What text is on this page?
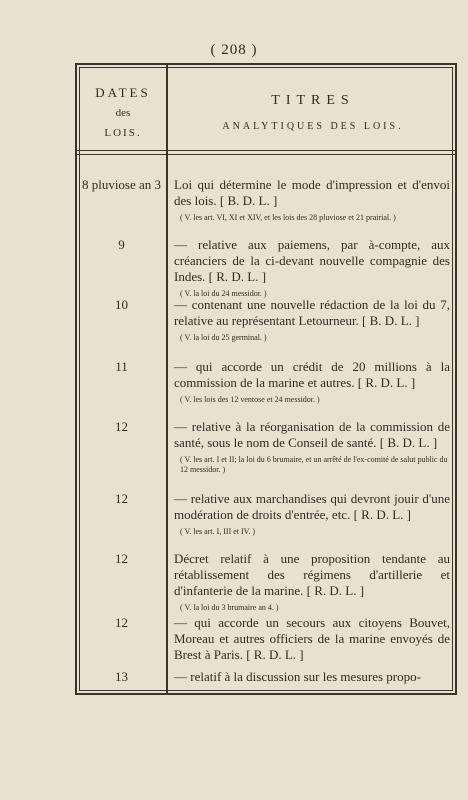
( 208 )
DATES
des
LOIS.
TITRES
ANALYTIQUES DES LOIS.
8 pluviose an 3 Loi qui détermine le mode d'impression et d'envoi des lois. [ B. D. L. ]
( V. les art. VI, XI et XIV, et les lois des 28 pluviose et 21 prairial. )
9	— relative aux paiemens, par à-compte, aux créanciers de la ci-devant nouvelle compagnie des Indes. [ R. D. L. ]
( V. la loi du 24 messidor. )
10	— contenant une nouvelle rédaction de la loi du 7, relative au représentant Letourneur. [ B. D. L. ]
( V. la loi du 25 germinal. )
11	— qui accorde un crédit de 20 millions à la commission de la marine et autres. [ R. D. L. ]
( V. les lois des 12 ventose et 24 messidor. )
12	— relative à la réorganisation de la commission de santé, sous le nom de Conseil de santé. [ B. D. L. ]
( V. les art. I et II; la loi du 6 brumaire, et un arrêté de l'ex-comité de salut public du 12 messidor. )
12	— relative aux marchandises qui devront jouir d'une modération de droits d'entrée, etc. [ R. D. L. ]
( V. les art. I, III et IV. )
12	Décret relatif à une proposition tendante au rétablissement des régimens d'artillerie et d'infanterie de la marine. [ R. D. L. ]
( V. la loi du 3 brumaire an 4. )
12	— qui accorde un secours aux citoyens Bouvet, Moreau et autres officiers de la marine envoyés de Brest à Paris. [ R. D. L. ]
13	— relatif à la discussion sur les mesures propo-
